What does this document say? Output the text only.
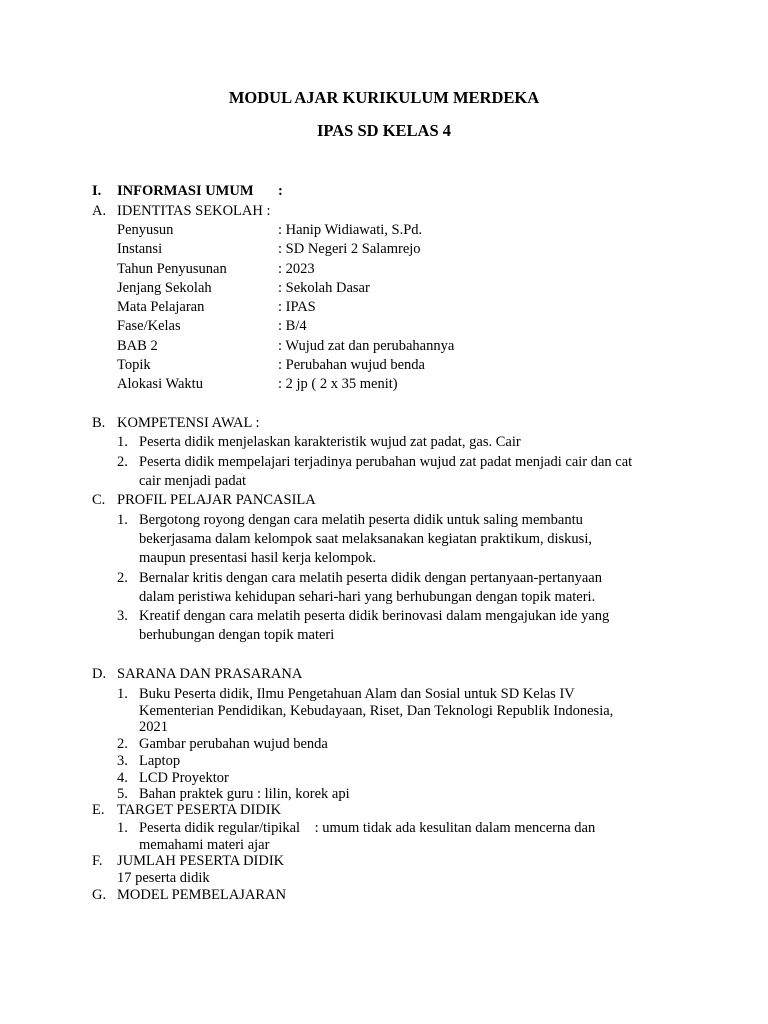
MODUL AJAR KURIKULUM MERDEKA
IPAS SD KELAS 4
I. INFORMASI UMUM :
A. IDENTITAS SEKOLAH :
Penyusun	: Hanip Widiawati, S.Pd.
Instansi	: SD Negeri 2 Salamrejo
Tahun Penyusunan	: 2023
Jenjang Sekolah	: Sekolah Dasar
Mata Pelajaran	: IPAS
Fase/Kelas	: B/4
BAB 2	: Wujud zat dan perubahannya
Topik	: Perubahan wujud benda
Alokasi Waktu	: 2 jp ( 2 x 35 menit)
B. KOMPETENSI AWAL :
1. Peserta didik menjelaskan karakteristik wujud zat padat, gas. Cair
2. Peserta didik mempelajari terjadinya perubahan wujud zat padat menjadi cair dan cat
cair menjadi padat
C. PROFIL PELAJAR PANCASILA
1. Bergotong royong dengan cara melatih peserta didik untuk saling membantu
bekerjasama dalam kelompok saat melaksanakan kegiatan praktikum, diskusi,
maupun presentasi hasil kerja kelompok.
2. Bernalar kritis dengan cara melatih peserta didik dengan pertanyaan-pertanyaan
dalam peristiwa kehidupan sehari-hari yang berhubungan dengan topik materi.
3. Kreatif dengan cara melatih peserta didik berinovasi dalam mengajukan ide yang
berhubungan dengan topik materi
D. SARANA DAN PRASARANA
1. Buku Peserta didik, Ilmu Pengetahuan Alam dan Sosial untuk SD Kelas IV
Kementerian Pendidikan, Kebudayaan, Riset, Dan Teknologi Republik Indonesia,
2021
2. Gambar perubahan wujud benda
3. Laptop
4. LCD Proyektor
5. Bahan praktek guru : lilin, korek api
E. TARGET PESERTA DIDIK
1. Peserta didik regular/tipikal    : umum tidak ada kesulitan dalam mencerna dan
memahami materi ajar
F. JUMLAH PESERTA DIDIK
17 peserta didik
G. MODEL PEMBELAJARAN
